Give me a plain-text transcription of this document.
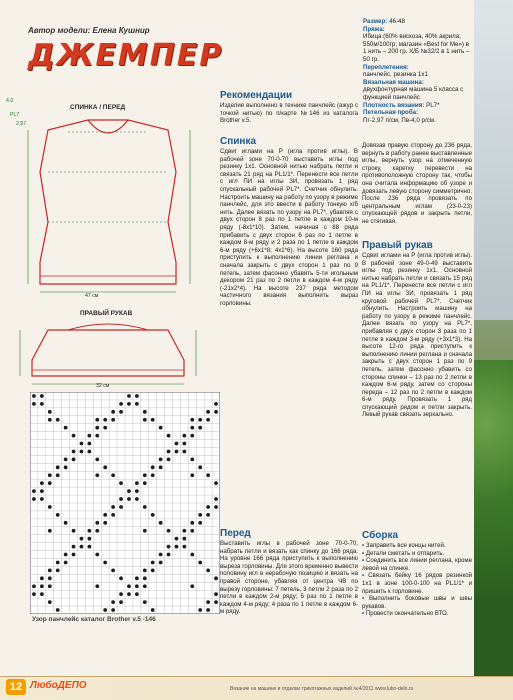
Автор модели: Елена Кушнир
ДЖЕМПЕР
Размер: 46-48
Пряжа:
Ибица (60% вискоза, 40% акрила; 550м/100гр; магазин «Best for Me») в 1 нить – 200 гр. Х/Б №32/2 в 1 нить – 50 гр.
Переплетения:
панчлейс, резинка 1х1
Вязальная машина:
двухфонтурная машина 5 класса с функцией панчлейс
Плотность вязания: PL7*
Петельная проба:
Пг-2,97 п/см, Пв-4,0 р/см.
СПИНКА / ПЕРЕД
4.0
PL7
2,97
47 см
ПРАВЫЙ РУКАВ
32 см
Узор панчлейс каталог Brother v.5 -146
Рекомендации
Изделие выполнено в технике панчлейс (ажур с точкой нитью) по п/карте №146 из каталога Brother v.5.
Спинка
Сдвиг иглами на Р (игла против иглы). В рабочей зоне 70-0-70 выставить иглы под резинку 1х1. Основной нитью набрать петли и связать 21 ряд на PL1/1*. Перенести все петли с игл ПИ на иглы ЗИ, провязать 1 ряд спускальный рабочей PL7*. Счетчик обнулить. Настроить машину на работу по узору в режиме панчлейс, для это ввести в работу тонкую х/б нить. Далее вязать по узору на PL7*, убавляя с двух сторон 8 раз по 1 петле в каждом 10-м ряду (-8х1*10). Затем, начиная с 88 ряда прибавить с двух сторон 6 раз по 1 петле в каждом 8-м ряду и 2 раза по 1 петле в каждом 6-м ряду (+6х1*8; 4х1*6). На высоте 160 ряда приступить к выполнению линии реглана и сначала закрыть с двух сторон 1 раз по 9 петель, затем фасонно убавить 5-ти игольным декором 21 раз по 2 петли в каждом 4-м ряду (-21х2*4). На высоте 237 ряда методом частичного вязания выполнить выраз горловины.
Перед
Выставить иглы в рабочей зоне 70-0-70, набрать петли и вязать как спинку до 166 ряда. На уровне 166 ряда приступить к выполнению выреза горловины. Для этого временно вывести половину игл в нерабочую позицию и вязать на правой стороне, убавляя от центра ЧВ по вырезу горловины: 7 петель, 3 петли 2 раза по 2 петли в каждом 2-м ряду; 5 раз по 1 петле в каждом 4-м ряду; 4 раза по 1 петле в каждом 6-м ряду.
Довязав правую сторону до 236 ряда, вернуть в работу ранее выставленные иглы, вернуть узор на отмеченную строку, каретку перевести на противоположную сторону так, чтобы она считала информацию об узоре и довязать левую сторону симметрично. После 236 ряда провязать по центральным иглам (23-0-23) спускающей рядов и закрыть петли, не стягивая.
Правый рукав
Сдвиг иглами на Р (игла против иглы). В рабочей зоне 49-0-49 выставить иглы под резинку 1х1. Основной нитью набрать петли и связать 15 ряд на PL1/1*. Перенести все петли с игл ПИ на иглы ЗИ, провязать 1 ряд круговой рабочей PL7*. Счетчик обнулить. Настроить машину на работу по узору в режиме панчлейс. Далее вязать по узору на PL7*, прибавляя с двух сторон 3 раза по 1 петле в каждом 3-м ряду (+3х1*3). На высоте 12-го ряда приступить к выполнению линии реглана и сначала закрыть с двух сторон 1 раз по 9 петель, затем фасонно убавить со стороны спинки – 13 раз по 2 петли в каждом 6-м ряду, затем со стороны переда – 12 раз по 2 петли в каждом 6-м ряду. Провязать 1 ряд спускающий рядом и петли закрыть. Левый рукав связать зеркально.
Сборка

• Заправить все концы нитей.

• Детали сметать и отпарить.

• Соединить все линии реглана, кроме левой на спинке.

• Связать бейку 16 рядов резинкой 1х1 в зоне 100-0-100 на PL1/1* и пришить к горловине.

• Выполнить боковые швы и швы рукавов.

• Провести окончательно ВТО.

12 ЛюбоДЕПО	Вязание на машине и отделки трикотажных изделий №4/2011 www.lubo-delo.ru
